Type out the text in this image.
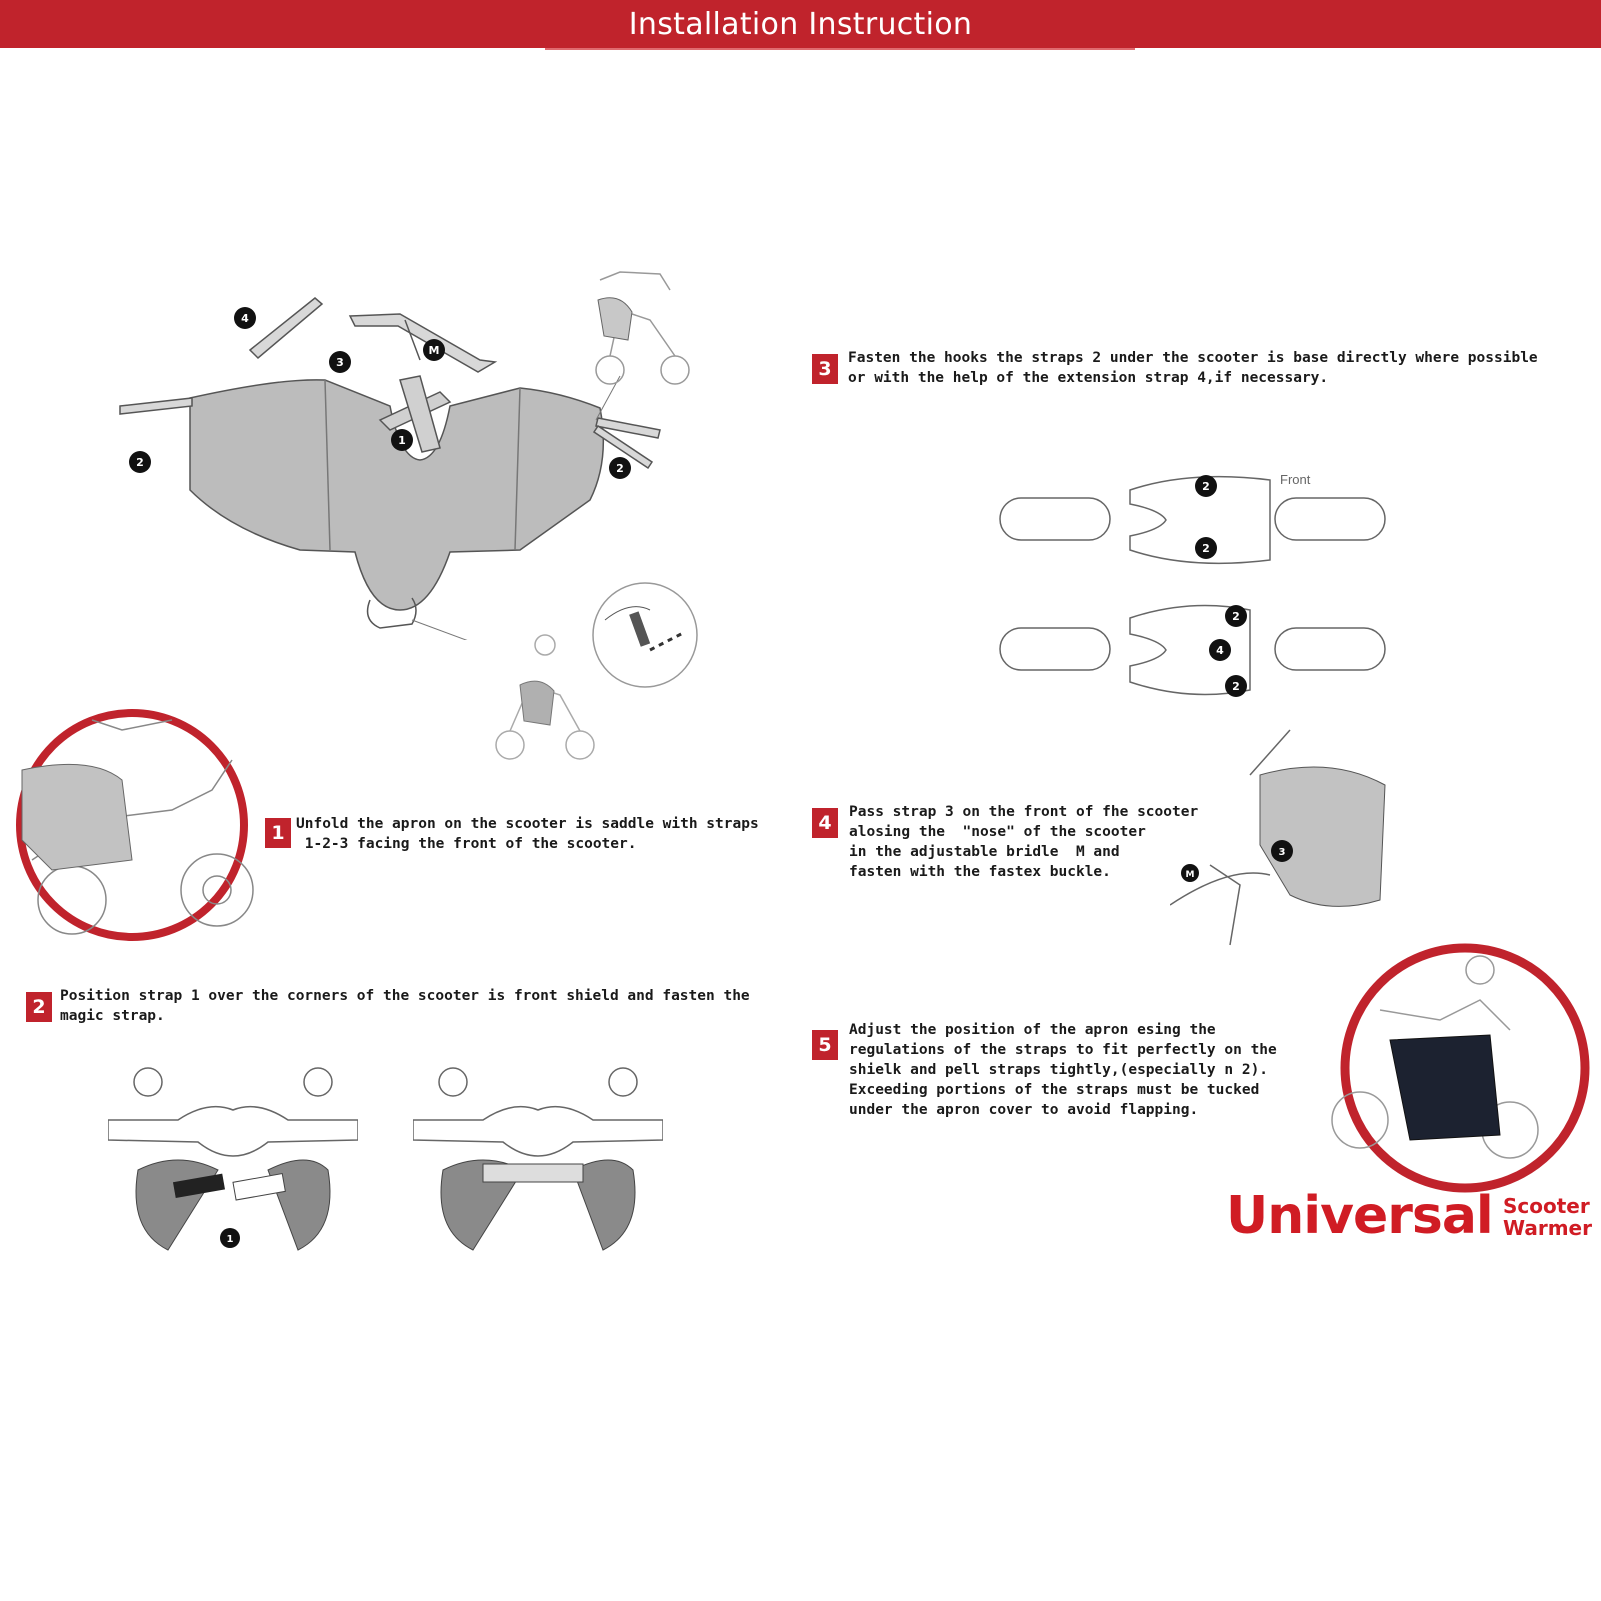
Installation Instruction
1
3
4
2	2
M
1 Unfold the apron on the scooter is saddle with straps
1-2-3 facing the front of the scooter.

2 Position strap 1 over the corners of the scooter is front shield and fasten the
magic strap.

1
3	Fasten the hooks the straps 2 under the scooter is base directly where possible
or with the help of the extension strap 4,if necessary.

Front
2
2
2
4
2
4	Pass strap 3 on the front of fhe scooter
alosing the  "nose" of the scooter
in the adjustable bridle  M and
fasten with the fastex buckle.

3
M
5

Adjust the position of the apron esing the
regulations of the straps to fit perfectly on the
shielk and pell straps tightly,(especially n 2).
Exceeding portions of the straps must be tucked
under the apron cover to avoid flapping.

Universal Scooter
Warmer
